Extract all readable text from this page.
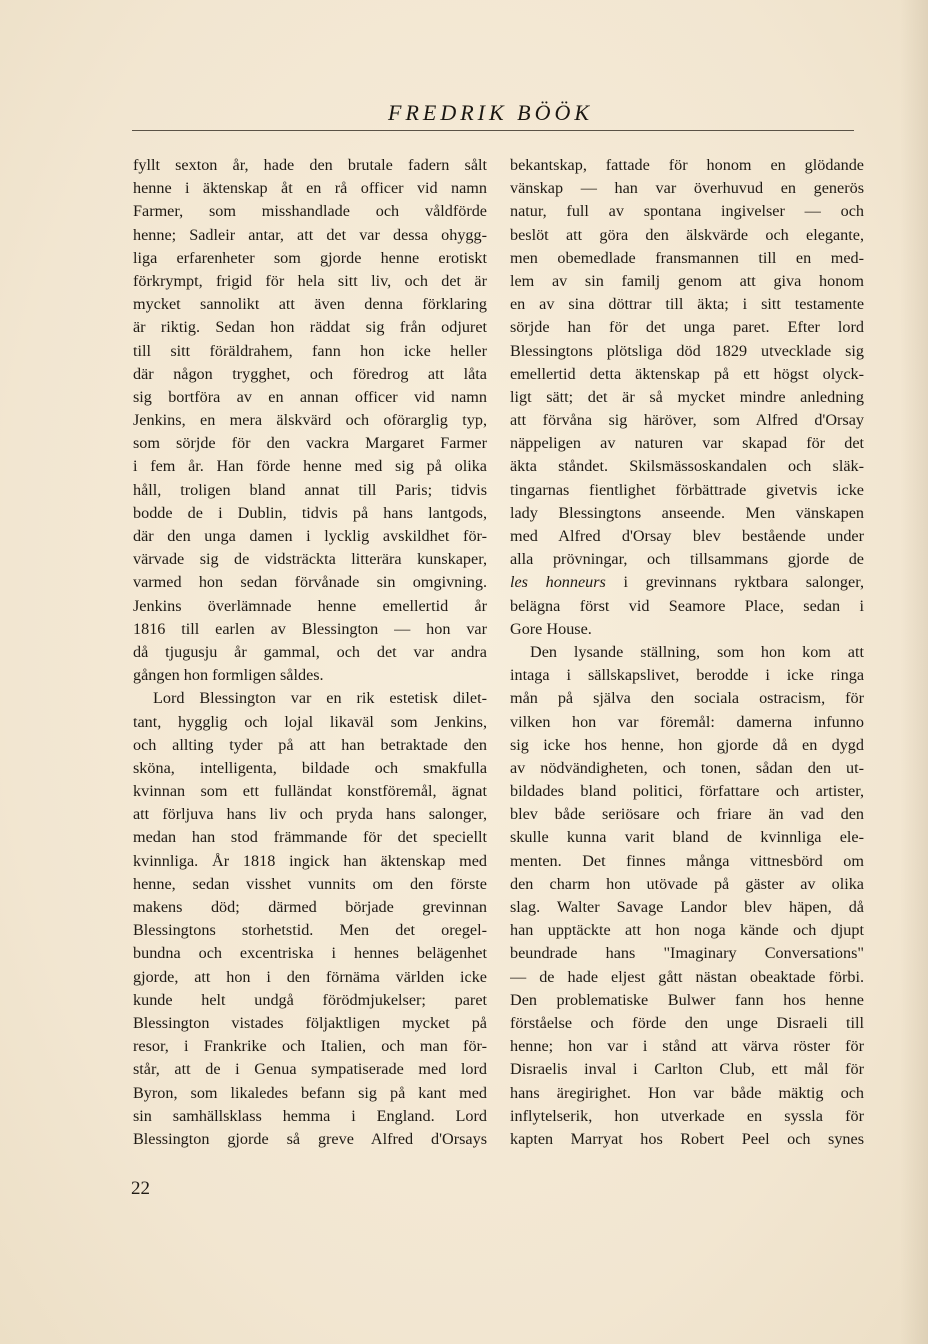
FREDRIK BÖÖK
fyllt sexton år, hade den brutale fadern sålt
henne i äktenskap åt en rå officer vid namn
Farmer, som misshandlade och våldförde
henne; Sadleir antar, att det var dessa ohygg-
liga erfarenheter som gjorde henne erotiskt
förkrympt, frigid för hela sitt liv, och det är
mycket sannolikt att även denna förklaring
är riktig. Sedan hon räddat sig från odjuret
till sitt föräldrahem, fann hon icke heller
där någon trygghet, och föredrog att låta
sig bortföra av en annan officer vid namn
Jenkins, en mera älskvärd och oförarglig typ,
som sörjde för den vackra Margaret Farmer
i fem år. Han förde henne med sig på olika
håll, troligen bland annat till Paris; tidvis
bodde de i Dublin, tidvis på hans lantgods,
där den unga damen i lycklig avskildhet för-
värvade sig de vidsträckta litterära kunskaper,
varmed hon sedan förvånade sin omgivning.
Jenkins överlämnade henne emellertid år
1816 till earlen av Blessington — hon var
då tjugusju år gammal, och det var andra
gången hon formligen såldes.
Lord Blessington var en rik estetisk dilet-
tant, hygglig och lojal likaväl som Jenkins,
och allting tyder på att han betraktade den
sköna, intelligenta, bildade och smakfulla
kvinnan som ett fulländat konstföremål, ägnat
att förljuva hans liv och pryda hans salonger,
medan han stod främmande för det speciellt
kvinnliga. År 1818 ingick han äktenskap med
henne, sedan visshet vunnits om den förste
makens död; därmed började grevinnan
Blessingtons storhetstid. Men det oregel-
bundna och excentriska i hennes belägenhet
gjorde, att hon i den förnäma världen icke
kunde helt undgå förödmjukelser; paret
Blessington vistades följaktligen mycket på
resor, i Frankrike och Italien, och man för-
står, att de i Genua sympatiserade med lord
Byron, som likaledes befann sig på kant med
sin samhällsklass hemma i England. Lord
Blessington gjorde så greve Alfred d'Orsays
bekantskap, fattade för honom en glödande
vänskap — han var överhuvud en generös
natur, full av spontana ingivelser — och
beslöt att göra den älskvärde och elegante,
men obemedlade fransmannen till en med-
lem av sin familj genom att giva honom
en av sina döttrar till äkta; i sitt testamente
sörjde han för det unga paret. Efter lord
Blessingtons plötsliga död 1829 utvecklade sig
emellertid detta äktenskap på ett högst olyck-
ligt sätt; det är så mycket mindre anledning
att förvåna sig häröver, som Alfred d'Orsay
näppeligen av naturen var skapad för det
äkta ståndet. Skilsmässoskandalen och släk-
tingarnas fientlighet förbättrade givetvis icke
lady Blessingtons anseende. Men vänskapen
med Alfred d'Orsay blev bestående under
alla prövningar, och tillsammans gjorde de
les honneurs i grevinnans ryktbara salonger,
belägna först vid Seamore Place, sedan i
Gore House.
Den lysande ställning, som hon kom att
intaga i sällskapslivet, berodde i icke ringa
mån på själva den sociala ostracism, för
vilken hon var föremål: damerna infunno
sig icke hos henne, hon gjorde då en dygd
av nödvändigheten, och tonen, sådan den ut-
bildades bland politici, författare och artister,
blev både seriösare och friare än vad den
skulle kunna varit bland de kvinnliga ele-
menten. Det finnes många vittnesbörd om
den charm hon utövade på gäster av olika
slag. Walter Savage Landor blev häpen, då
han upptäckte att hon noga kände och djupt
beundrade hans "Imaginary Conversations"
— de hade eljest gått nästan obeaktade förbi.
Den problematiske Bulwer fann hos henne
förståelse och förde den unge Disraeli till
henne; hon var i stånd att värva röster för
Disraelis inval i Carlton Club, ett mål för
hans äregirighet. Hon var både mäktig och
inflytelserik, hon utverkade en syssla för
kapten Marryat hos Robert Peel och synes
22
